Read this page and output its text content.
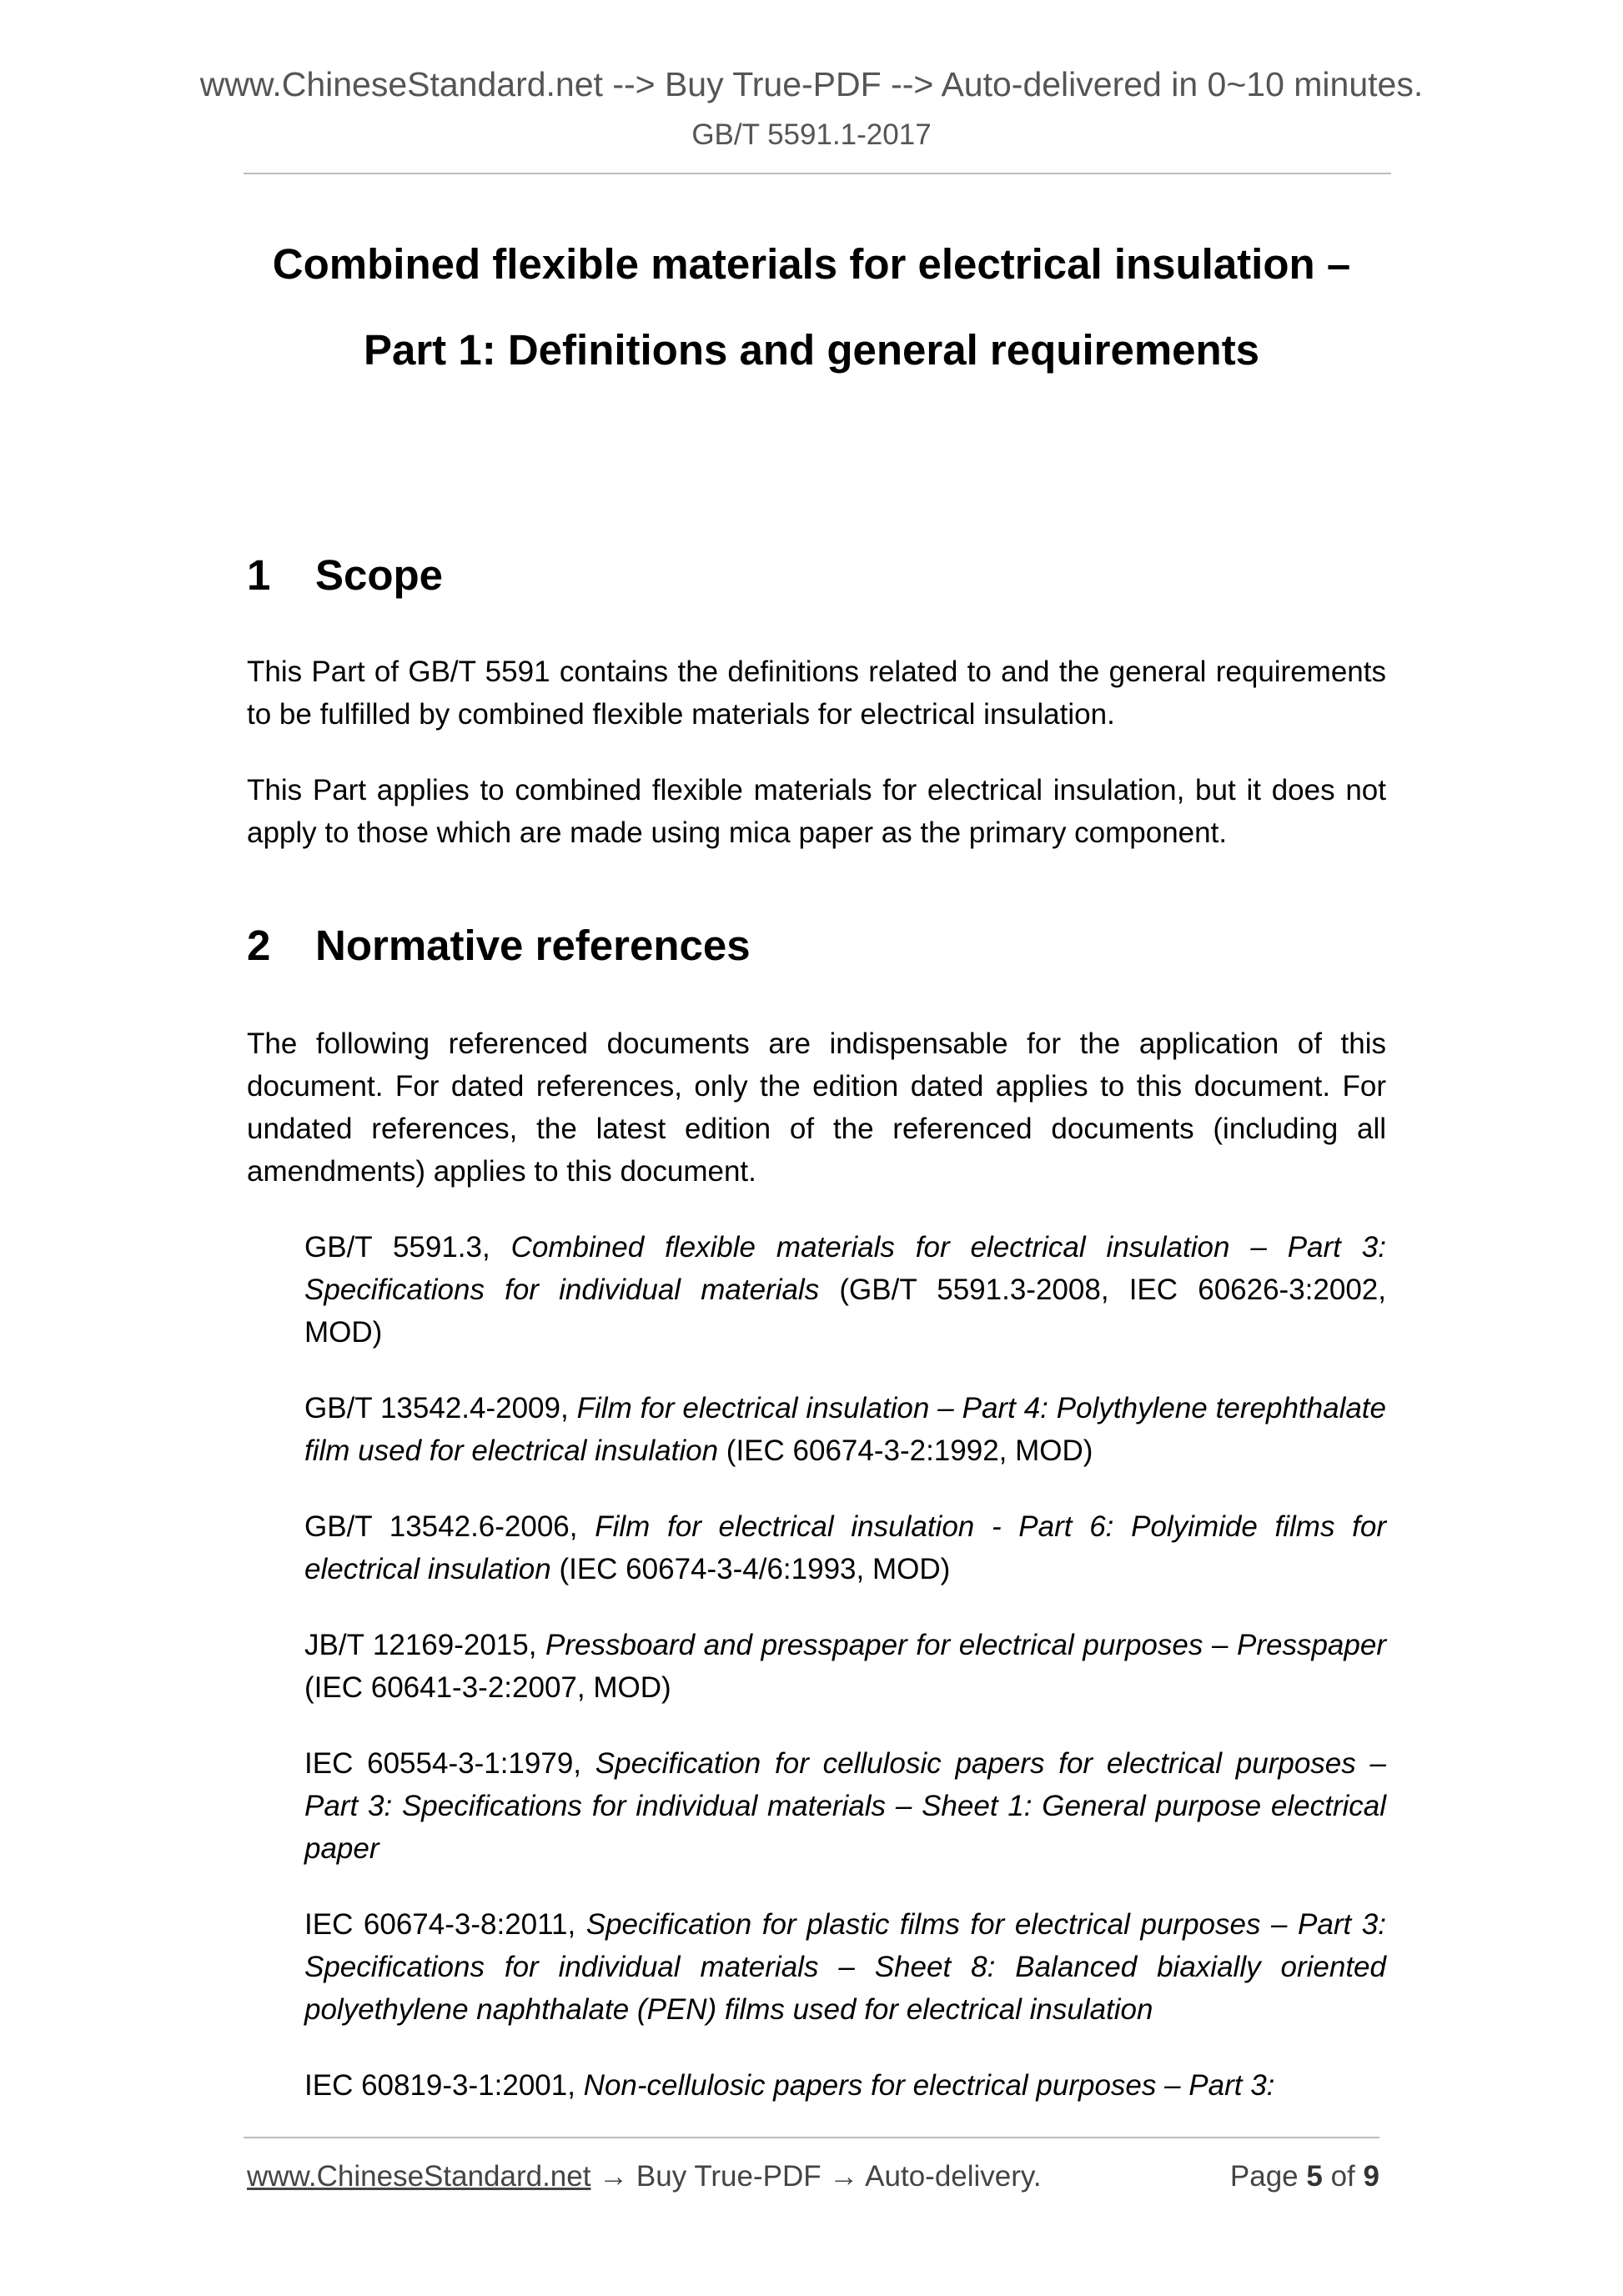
www.ChineseStandard.net --> Buy True-PDF --> Auto-delivered in 0~10 minutes.
GB/T 5591.1-2017
Combined flexible materials for electrical insulation –
Part 1: Definitions and general requirements
1 Scope
This Part of GB/T 5591 contains the definitions related to and the general requirements to be fulfilled by combined flexible materials for electrical insulation.
This Part applies to combined flexible materials for electrical insulation, but it does not apply to those which are made using mica paper as the primary component.
2 Normative references
The following referenced documents are indispensable for the application of this document. For dated references, only the edition dated applies to this document. For undated references, the latest edition of the referenced documents (including all amendments) applies to this document.
GB/T 5591.3, Combined flexible materials for electrical insulation – Part 3: Specifications for individual materials (GB/T 5591.3-2008, IEC 60626-3:2002, MOD)
GB/T 13542.4-2009, Film for electrical insulation – Part 4: Polythylene terephthalate film used for electrical insulation (IEC 60674-3-2:1992, MOD)
GB/T 13542.6-2006, Film for electrical insulation - Part 6: Polyimide films for electrical insulation (IEC 60674-3-4/6:1993, MOD)
JB/T 12169-2015, Pressboard and presspaper for electrical purposes – Presspaper (IEC 60641-3-2:2007, MOD)
IEC 60554-3-1:1979, Specification for cellulosic papers for electrical purposes – Part 3: Specifications for individual materials – Sheet 1: General purpose electrical paper
IEC 60674-3-8:2011, Specification for plastic films for electrical purposes – Part 3: Specifications for individual materials – Sheet 8: Balanced biaxially oriented polyethylene naphthalate (PEN) films used for electrical insulation
IEC 60819-3-1:2001, Non-cellulosic papers for electrical purposes – Part 3:
www.ChineseStandard.net → Buy True-PDF → Auto-delivery.	Page 5 of 9
